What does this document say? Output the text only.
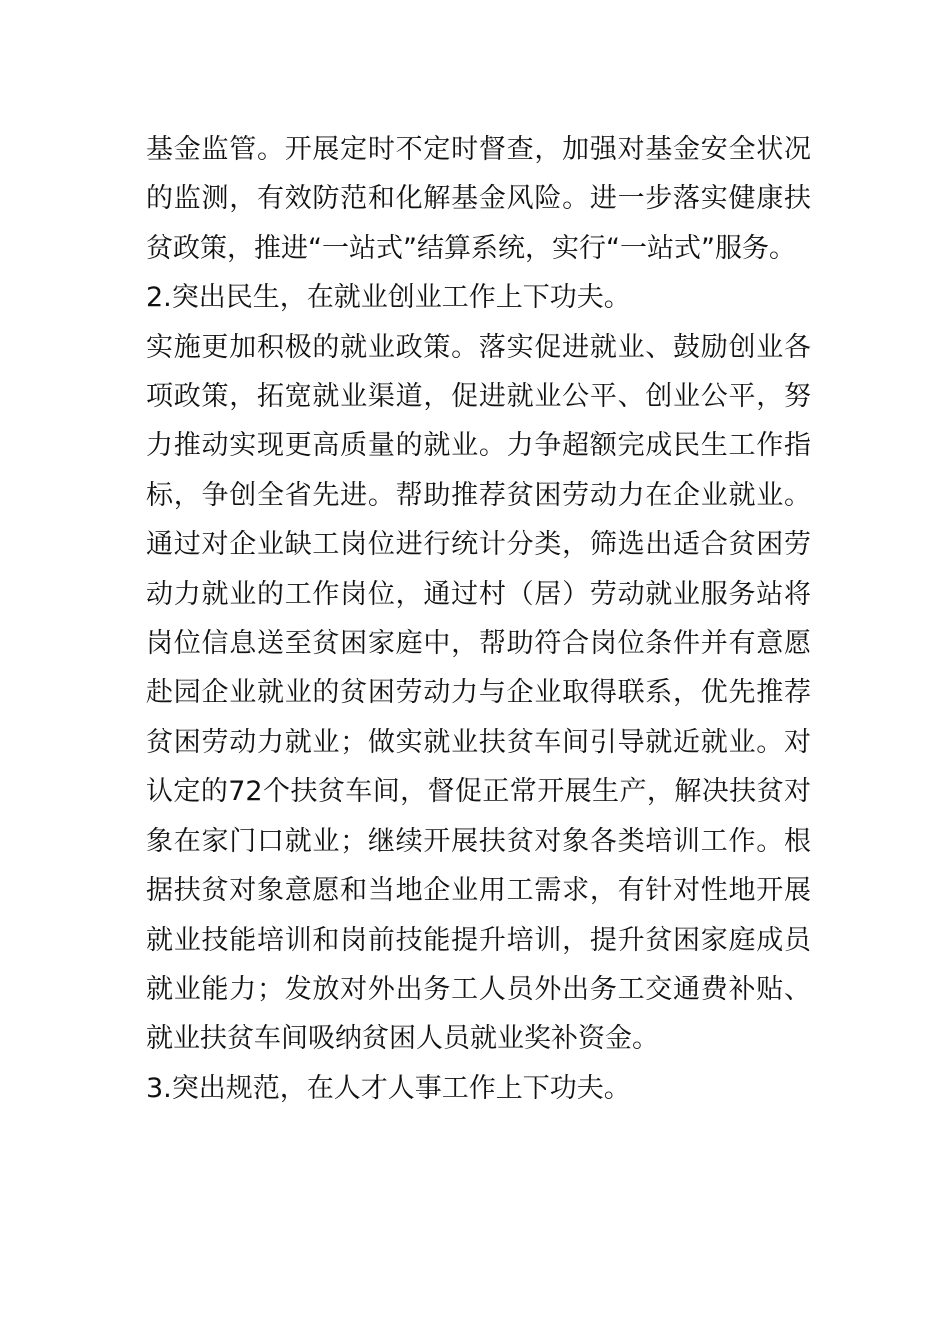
基金监管。开展定时不定时督查，加强对基金安全状况的监测，有效防范和化解基金风险。进一步落实健康扶贫政策，推进“一站式”结算系统，实行“一站式”服务。

2.突出民生，在就业创业工作上下功夫。

实施更加积极的就业政策。落实促进就业、鼓励创业各项政策，拓宽就业渠道，促进就业公平、创业公平，努力推动实现更高质量的就业。力争超额完成民生工作指标，争创全省先进。帮助推荐贫困劳动力在企业就业。通过对企业缺工岗位进行统计分类，筛选出适合贫困劳动力就业的工作岗位，通过村（居）劳动就业服务站将岗位信息送至贫困家庭中，帮助符合岗位条件并有意愿赴园企业就业的贫困劳动力与企业取得联系，优先推荐贫困劳动力就业；做实就业扶贫车间引导就近就业。对认定的72个扶贫车间，督促正常开展生产，解决扶贫对象在家门口就业；继续开展扶贫对象各类培训工作。根据扶贫对象意愿和当地企业用工需求，有针对性地开展就业技能培训和岗前技能提升培训，提升贫困家庭成员就业能力；发放对外出务工人员外出务工交通费补贴、就业扶贫车间吸纳贫困人员就业奖补资金。

3.突出规范，在人才人事工作上下功夫。
